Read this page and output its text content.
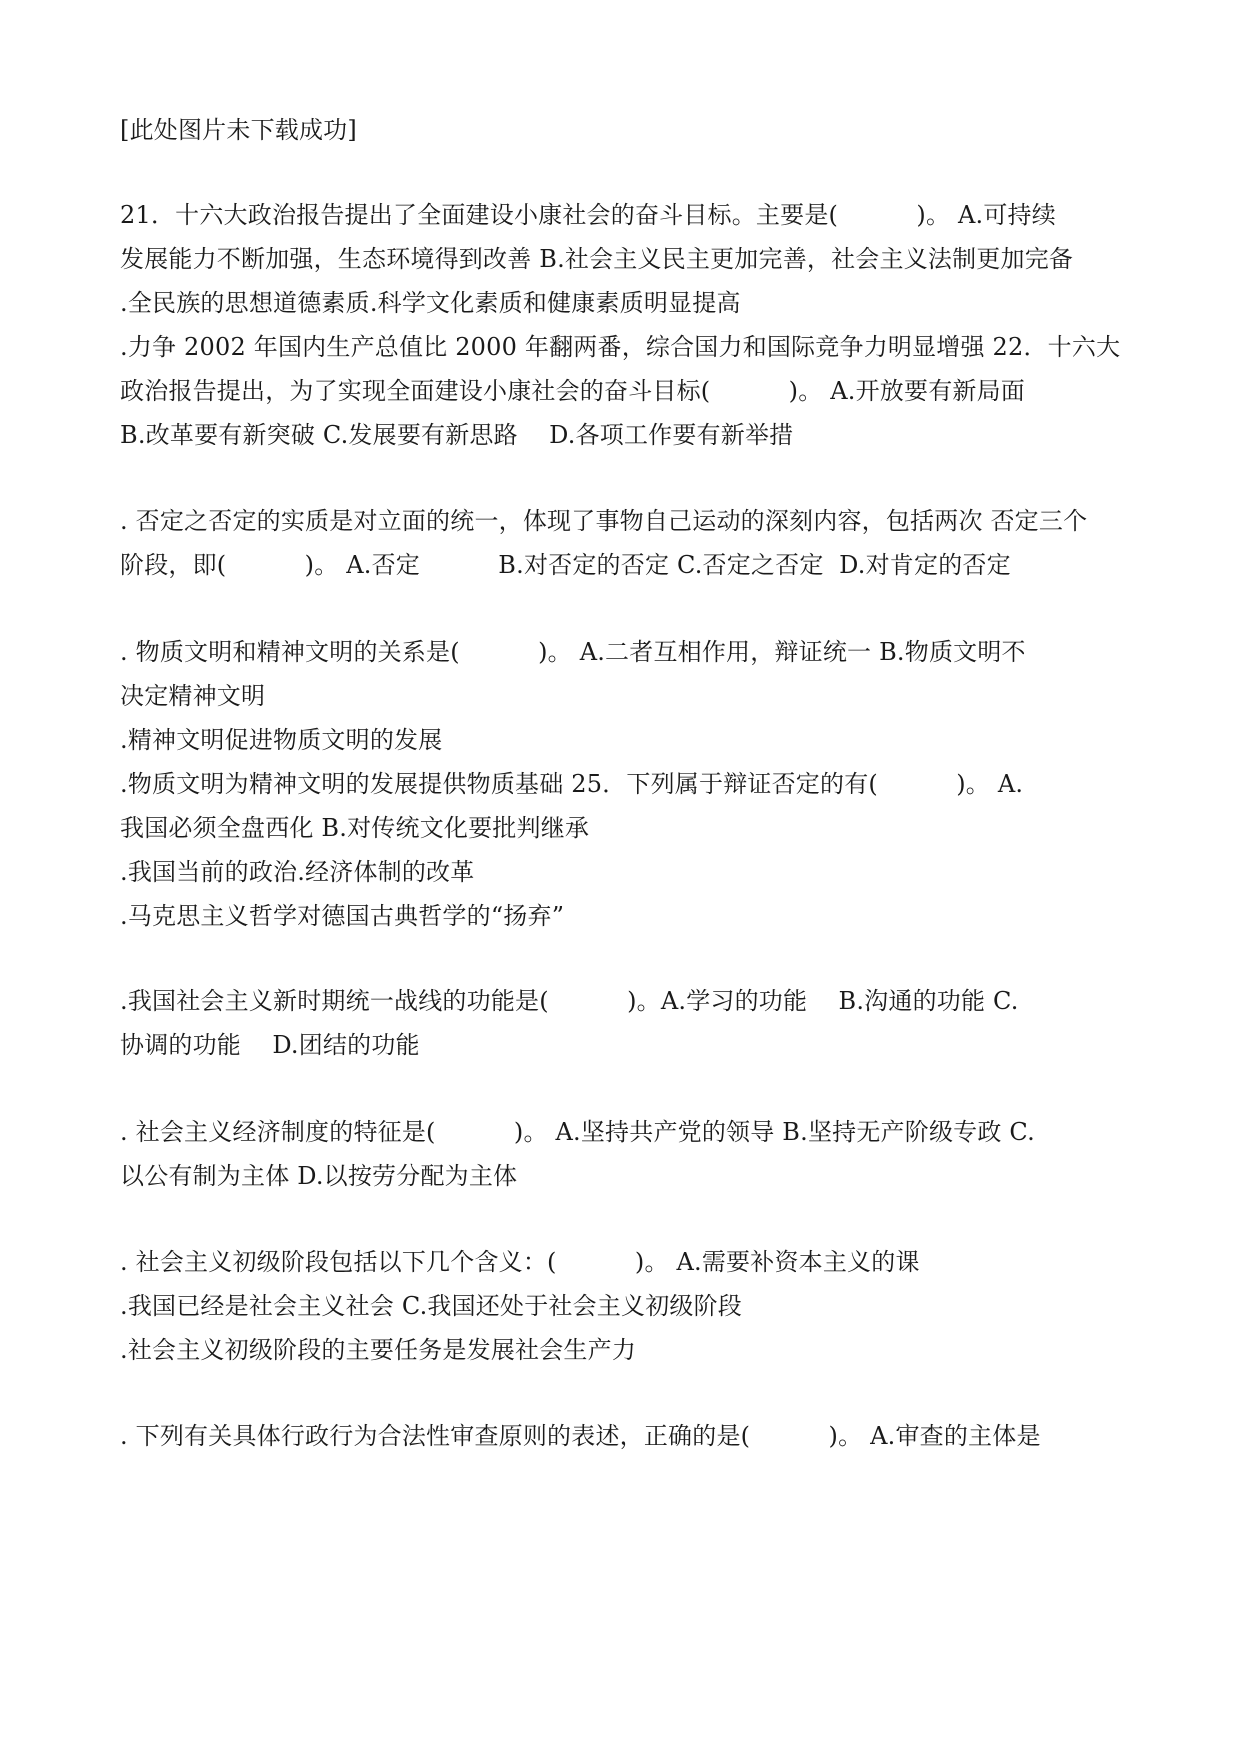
[此处图片未下载成功]
21．十六大政治报告提出了全面建设小康社会的奋斗目标。主要是(          )。 A.可持续
发展能力不断加强，生态环境得到改善 B.社会主义民主更加完善，社会主义法制更加完备
.全民族的思想道德素质.科学文化素质和健康素质明显提高
.力争 2002 年国内生产总值比 2000 年翻两番，综合国力和国际竞争力明显增强 22．十六大
政治报告提出，为了实现全面建设小康社会的奋斗目标(          )。 A.开放要有新局面
B.改革要有新突破 C.发展要有新思路    D.各项工作要有新举措
. 否定之否定的实质是对立面的统一，体现了事物自己运动的深刻内容，包括两次 否定三个
阶段，即(          )。 A.否定          B.对否定的否定 C.否定之否定  D.对肯定的否定
. 物质文明和精神文明的关系是(          )。 A.二者互相作用，辩证统一 B.物质文明不
决定精神文明
.精神文明促进物质文明的发展
.物质文明为精神文明的发展提供物质基础 25．下列属于辩证否定的有(          )。 A.
我国必须全盘西化 B.对传统文化要批判继承
.我国当前的政治.经济体制的改革
.马克思主义哲学对德国古典哲学的“扬弃”
.我国社会主义新时期统一战线的功能是(          )。A.学习的功能    B.沟通的功能 C.
协调的功能    D.团结的功能
. 社会主义经济制度的特征是(          )。 A.坚持共产党的领导 B.坚持无产阶级专政 C.
以公有制为主体 D.以按劳分配为主体
. 社会主义初级阶段包括以下几个含义：(          )。 A.需要补资本主义的课
.我国已经是社会主义社会 C.我国还处于社会主义初级阶段
.社会主义初级阶段的主要任务是发展社会生产力
. 下列有关具体行政行为合法性审查原则的表述，正确的是(          )。 A.审查的主体是
